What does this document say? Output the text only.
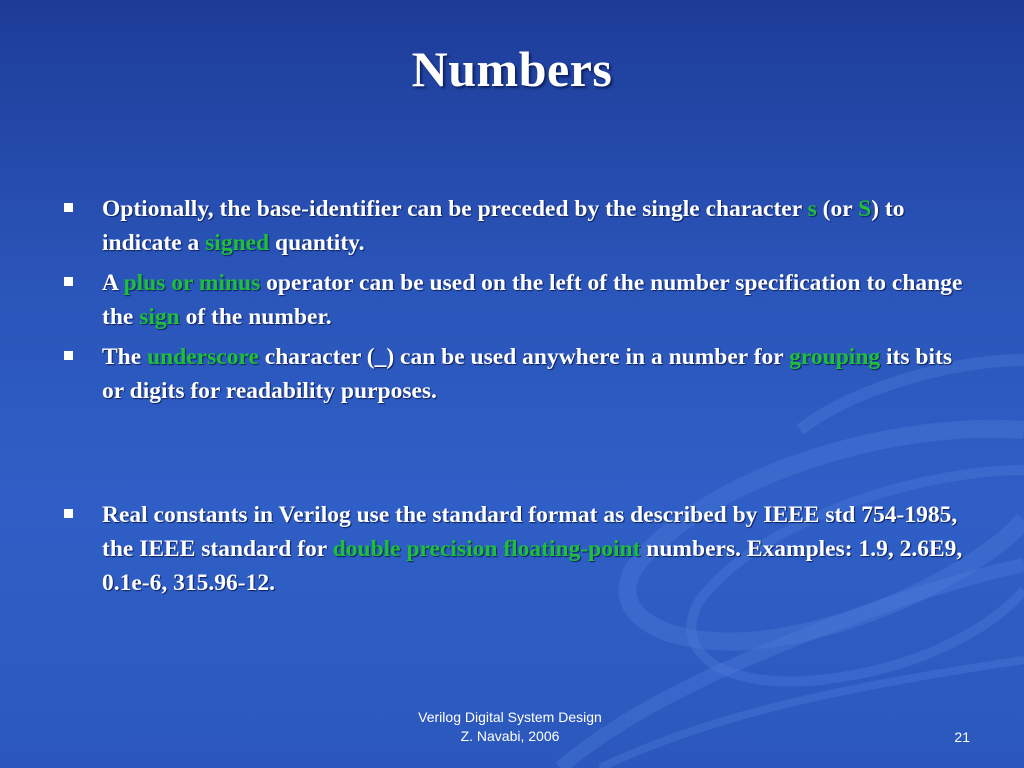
Numbers
Optionally, the base-identifier can be preceded by the single character s (or S) to indicate a signed quantity.
A plus or minus operator can be used on the left of the number specification to change the sign of the number.
The underscore character (_) can be used anywhere in a number for grouping its bits or digits for readability purposes.
Real constants in Verilog use the standard format as described by IEEE std 754-1985, the IEEE standard for double precision floating-point numbers. Examples: 1.9, 2.6E9, 0.1e-6, 315.96-12.
Verilog Digital System Design
Z. Navabi, 2006	21
